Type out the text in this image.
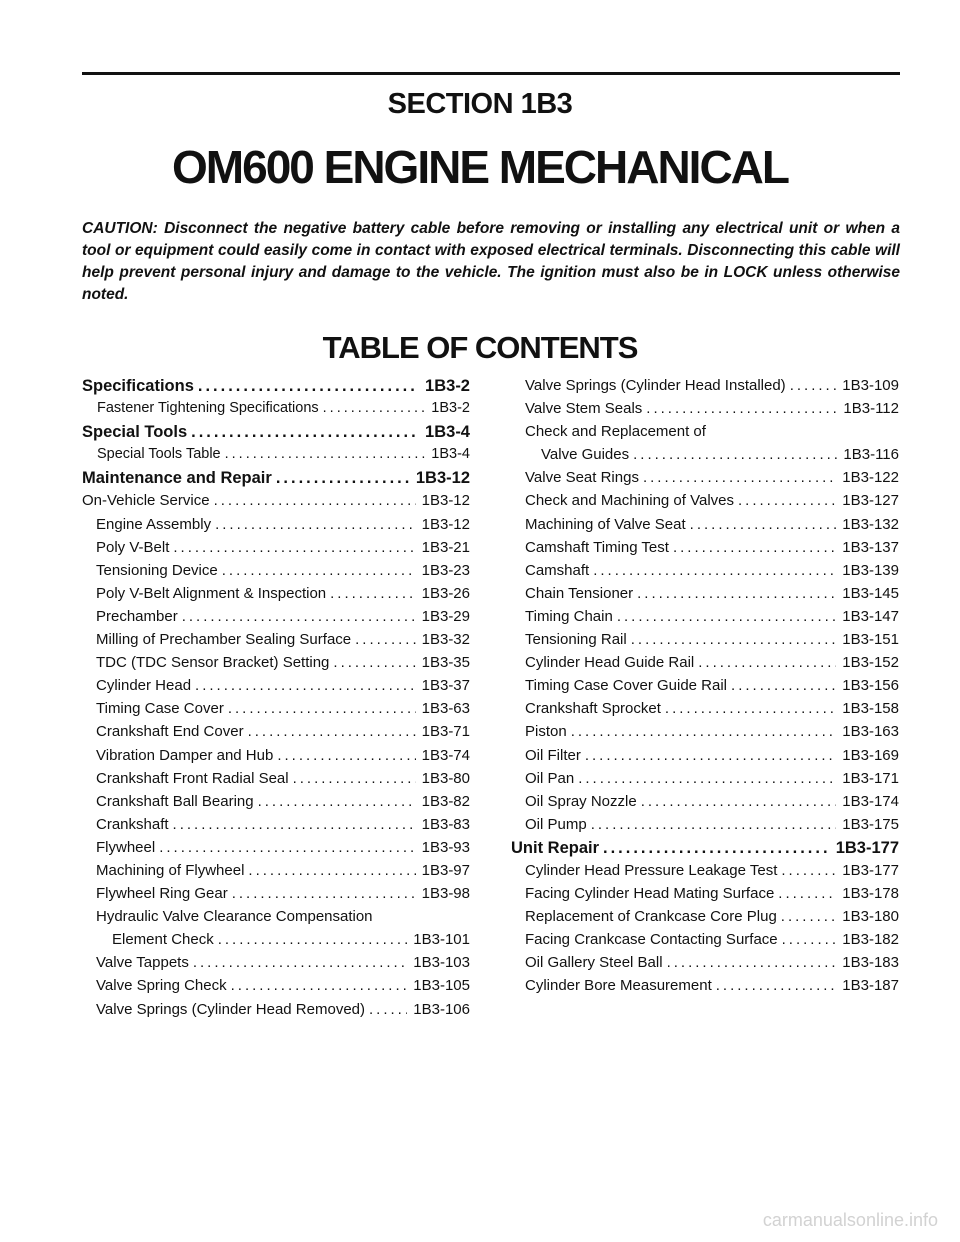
SECTION 1B3
OM600 ENGINE MECHANICAL
CAUTION: Disconnect the negative battery cable before removing or installing any electrical unit or when a tool or equipment could easily come in contact with exposed electrical terminals. Disconnecting this cable will help prevent personal injury and damage to the vehicle. The ignition must also be in LOCK unless otherwise noted.
TABLE OF CONTENTS
Specifications .....	1B3-2
Fastener Tightening Specifications .....	1B3-2
Special Tools .....	1B3-4
Special Tools Table .....	1B3-4
Maintenance and Repair .....	1B3-12
On-Vehicle Service .....	1B3-12
Engine Assembly .....	1B3-12
Poly V-Belt .....	1B3-21
Tensioning Device .....	1B3-23
Poly V-Belt Alignment & Inspection .....	1B3-26
Prechamber .....	1B3-29
Milling of Prechamber Sealing Surface .....	1B3-32
TDC (TDC Sensor Bracket) Setting .....	1B3-35
Cylinder Head .....	1B3-37
Timing Case Cover .....	1B3-63
Crankshaft End Cover .....	1B3-71
Vibration Damper and Hub .....	1B3-74
Crankshaft Front Radial Seal .....	1B3-80
Crankshaft Ball Bearing .....	1B3-82
Crankshaft .....	1B3-83
Flywheel .....	1B3-93
Machining of Flywheel .....	1B3-97
Flywheel Ring Gear .....	1B3-98
Hydraulic Valve Clearance Compensation
Element Check .....	1B3-101
Valve Tappets .....	1B3-103
Valve Spring Check .....	1B3-105
Valve Springs (Cylinder Head Removed) .....	1B3-106
Valve Springs (Cylinder Head Installed) .....	1B3-109
Valve Stem Seals .....	1B3-112
Check and Replacement of
Valve Guides .....	1B3-116
Valve Seat Rings .....	1B3-122
Check and Machining of Valves .....	1B3-127
Machining of Valve Seat .....	1B3-132
Camshaft Timing Test .....	1B3-137
Camshaft .....	1B3-139
Chain Tensioner .....	1B3-145
Timing Chain .....	1B3-147
Tensioning Rail .....	1B3-151
Cylinder Head Guide Rail .....	1B3-152
Timing Case Cover Guide Rail .....	1B3-156
Crankshaft Sprocket .....	1B3-158
Piston .....	1B3-163
Oil Filter .....	1B3-169
Oil Pan .....	1B3-171
Oil Spray Nozzle .....	1B3-174
Oil Pump .....	1B3-175
Unit Repair .....	1B3-177
Cylinder Head Pressure Leakage Test .....	1B3-177
Facing Cylinder Head Mating Surface .....	1B3-178
Replacement of Crankcase Core Plug .....	1B3-180
Facing Crankcase Contacting Surface .....	1B3-182
Oil Gallery Steel Ball .....	1B3-183
Cylinder Bore Measurement .....	1B3-187
carmanualsonline.info
